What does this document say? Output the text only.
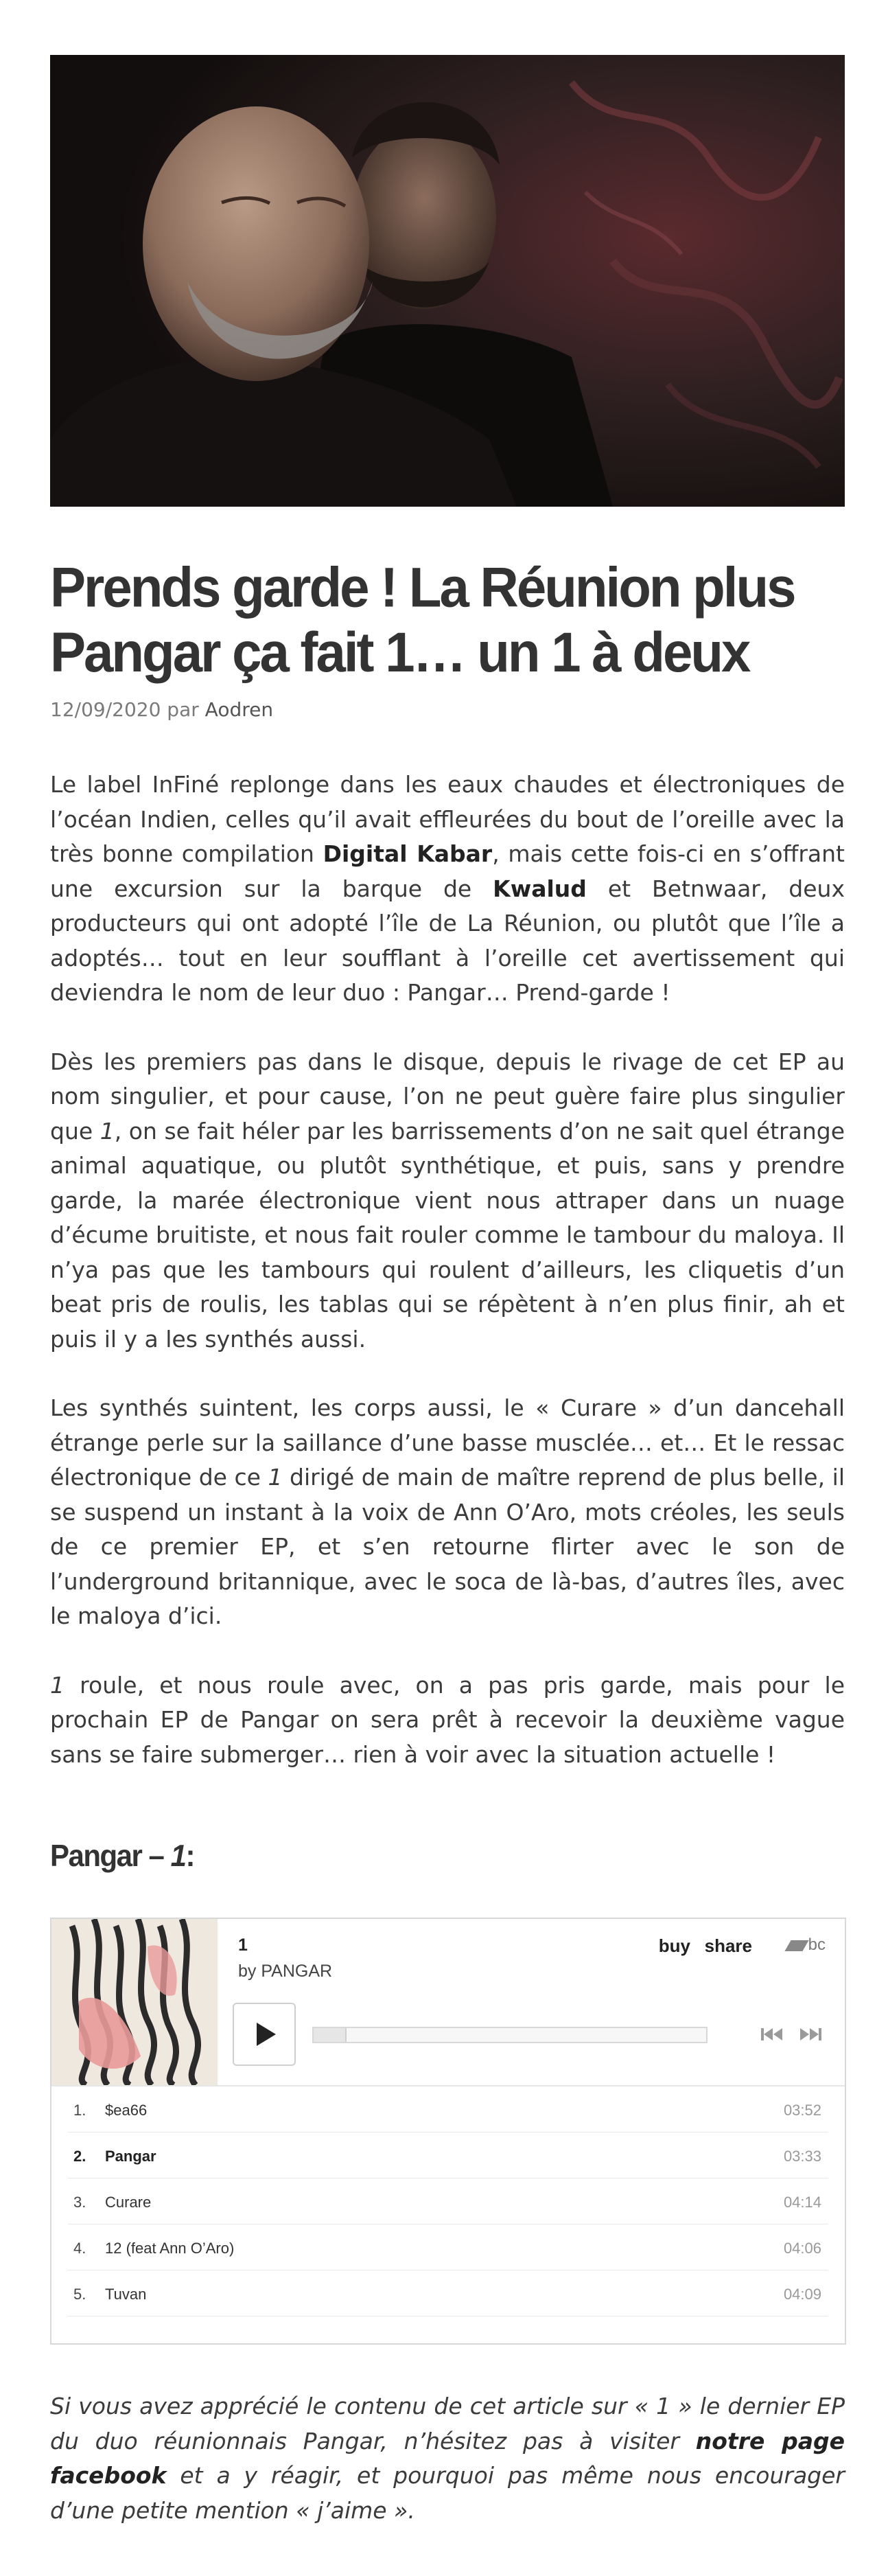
Prends garde ! La Réunion plus
Pangar ça fait 1… un 1 à deux
12/09/2020 par Aodren

Le label InFiné replonge dans les eaux chaudes et électroniques de l’océan Indien, celles qu’il avait effleurées du bout de l’oreille avec la très bonne compilation Digital Kabar, mais cette fois-ci en s’offrant une excursion sur la barque de Kwalud et Betnwaar, deux producteurs qui ont adopté l’île de La Réunion, ou plutôt que l’île a adoptés… tout en leur soufflant à l’oreille cet avertissement qui deviendra le nom de leur duo : Pangar… Prend-garde !

Dès les premiers pas dans le disque, depuis le rivage de cet EP au nom singulier, et pour cause, l’on ne peut guère faire plus singulier que 1, on se fait héler par les barrissements d’on ne sait quel étrange animal aquatique, ou plutôt synthétique, et puis, sans y prendre garde, la marée électronique vient nous attraper dans un nuage d’écume bruitiste, et nous fait rouler comme le tambour du maloya. Il n’ya pas que les tambours qui roulent d’ailleurs, les cliquetis d’un beat pris de roulis, les tablas qui se répètent à n’en plus finir, ah et puis il y a les synthés aussi.

Les synthés suintent, les corps aussi, le « Curare » d’un dancehall étrange perle sur la saillance d’une basse musclée… et… Et le ressac électronique de ce 1 dirigé de main de maître reprend de plus belle, il se suspend un instant à la voix de Ann O’Aro, mots créoles, les seuls de ce premier EP, et s’en retourne flirter avec le son de l’underground britannique, avec le soca de là-bas, d’autres îles, avec le maloya d’ici.

1 roule, et nous roule avec, on a pas pris garde, mais pour le prochain EP de Pangar on sera prêt à recevoir la deuxième vague sans se faire submerger… rien à voir avec la situation actuelle !

Pangar – 1:
1
by PANGAR
buy share	bc
1. $ea66	03:52
2. Pangar	03:33
3. Curare	04:14
4. 12 (feat Ann O’Aro)	04:06
5. Tuvan	04:09

Si vous avez apprécié le contenu de cet article sur « 1 » le dernier EP du duo réunionnais Pangar, n’hésitez pas à visiter notre page facebook et a y réagir, et pourquoi pas même nous encourager d’une petite mention « j’aime ».
